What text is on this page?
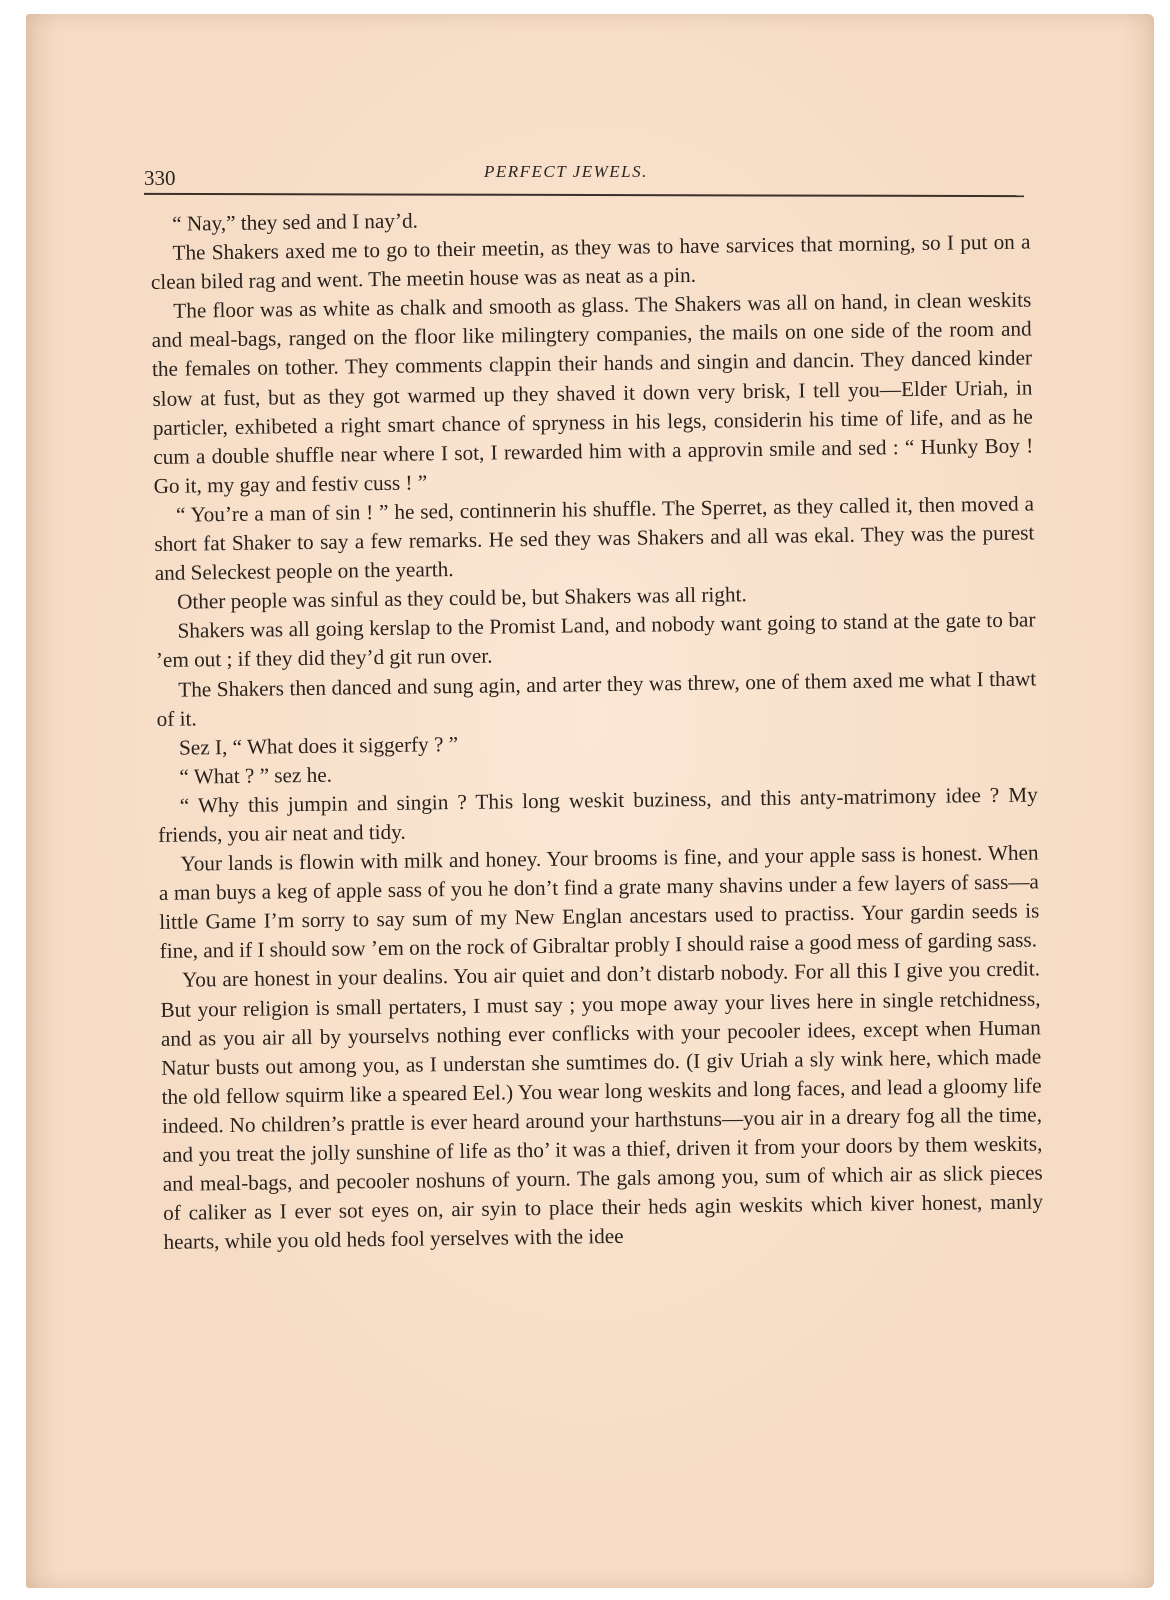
330	PERFECT JEWELS.

“ Nay,” they sed and I nay’d.

The Shakers axed me to go to their meetin, as they was to have sarvices that morning, so I put on a clean biled rag and went. The meetin house was as neat as a pin.

The floor was as white as chalk and smooth as glass. The Shakers was all on hand, in clean weskits and meal-bags, ranged on the floor like milingtery companies, the mails on one side of the room and the females on tother. They comments clappin their hands and singin and dancin. They danced kinder slow at fust, but as they got warmed up they shaved it down very brisk, I tell you—Elder Uriah, in particler, exhibeted a right smart chance of spryness in his legs, considerin his time of life, and as he cum a double shuffle near where I sot, I rewarded him with a approvin smile and sed : “ Hunky Boy ! Go it, my gay and festiv cuss ! ”

“ You’re a man of sin ! ” he sed, continnerin his shuffle. The Sperret, as they called it, then moved a short fat Shaker to say a few remarks. He sed they was Shakers and all was ekal. They was the purest and Seleckest people on the yearth.

Other people was sinful as they could be, but Shakers was all right.

Shakers was all going kerslap to the Promist Land, and nobody want going to stand at the gate to bar ’em out ; if they did they’d git run over.

The Shakers then danced and sung agin, and arter they was threw, one of them axed me what I thawt of it.

Sez I, “ What does it siggerfy ? ”

“ What ? ” sez he.

“ Why this jumpin and singin ? This long weskit buziness, and this anty-matrimony idee ? My friends, you air neat and tidy.

Your lands is flowin with milk and honey. Your brooms is fine, and your apple sass is honest. When a man buys a keg of apple sass of you he don’t find a grate many shavins under a few layers of sass—a little Game I’m sorry to say sum of my New Englan ancestars used to practiss. Your gardin seeds is fine, and if I should sow ’em on the rock of Gibraltar probly I should raise a good mess of garding sass.

You are honest in your dealins. You air quiet and don’t distarb nobody. For all this I give you credit. But your religion is small pertaters, I must say ; you mope away your lives here in single retchidness, and as you air all by yourselvs nothing ever conflicks with your pecooler idees, except when Human Natur busts out among you, as I understan she sumtimes do. (I giv Uriah a sly wink here, which made the old fellow squirm like a speared Eel.) You wear long weskits and long faces, and lead a gloomy life indeed. No children’s prattle is ever heard around your harthstuns—you air in a dreary fog all the time, and you treat the jolly sunshine of life as tho’ it was a thief, driven it from your doors by them weskits, and meal-bags, and pecooler noshuns of yourn. The gals among you, sum of which air as slick pieces of caliker as I ever sot eyes on, air syin to place their heds agin weskits which kiver honest, manly hearts, while you old heds fool yerselves with the idee
